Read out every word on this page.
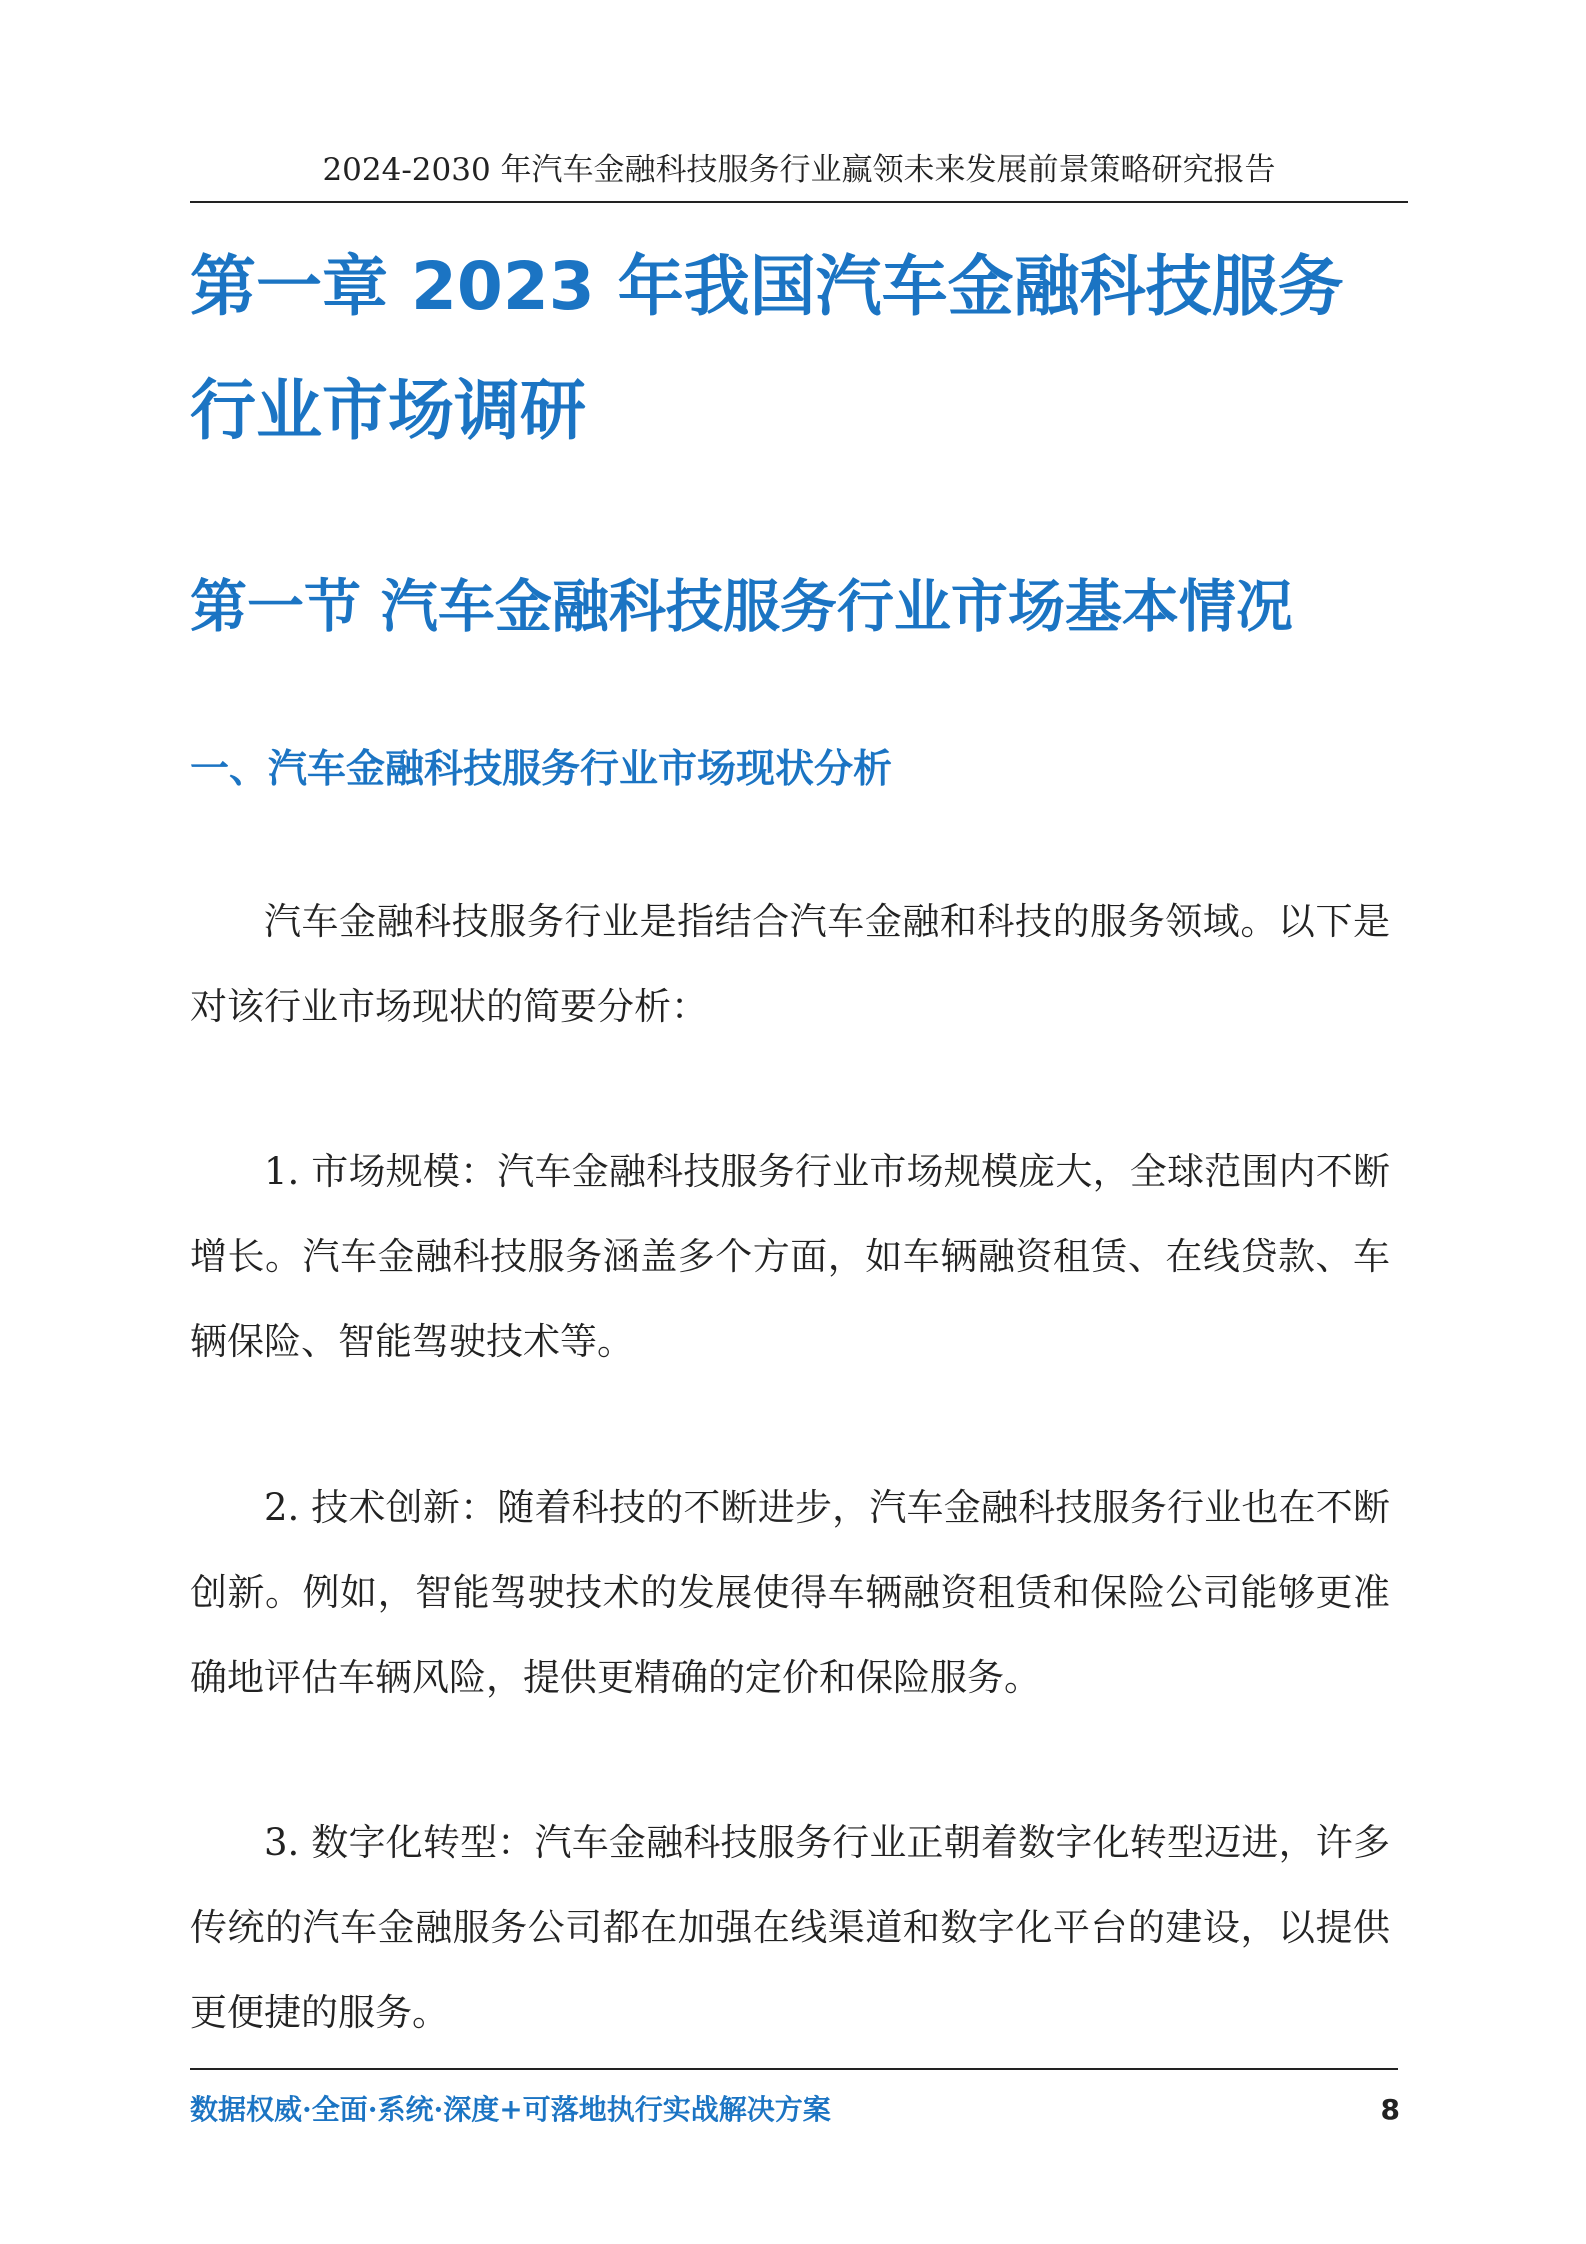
2024-2030 年汽车金融科技服务行业赢领未来发展前景策略研究报告
第一章 2023 年我国汽车金融科技服务
行业市场调研
第一节 汽车金融科技服务行业市场基本情况
一、汽车金融科技服务行业市场现状分析

汽车金融科技服务行业是指结合汽车金融和科技的服务领域。以下是对该行业市场现状的简要分析：

1. 市场规模：汽车金融科技服务行业市场规模庞大，全球范围内不断增长。汽车金融科技服务涵盖多个方面，如车辆融资租赁、在线贷款、车辆保险、智能驾驶技术等。

2. 技术创新：随着科技的不断进步，汽车金融科技服务行业也在不断创新。例如，智能驾驶技术的发展使得车辆融资租赁和保险公司能够更准确地评估车辆风险，提供更精确的定价和保险服务。

3. 数字化转型：汽车金融科技服务行业正朝着数字化转型迈进，许多传统的汽车金融服务公司都在加强在线渠道和数字化平台的建设，以提供更便捷的服务。

数据权威·全面·系统·深度+可落地执行实战解决方案	8
